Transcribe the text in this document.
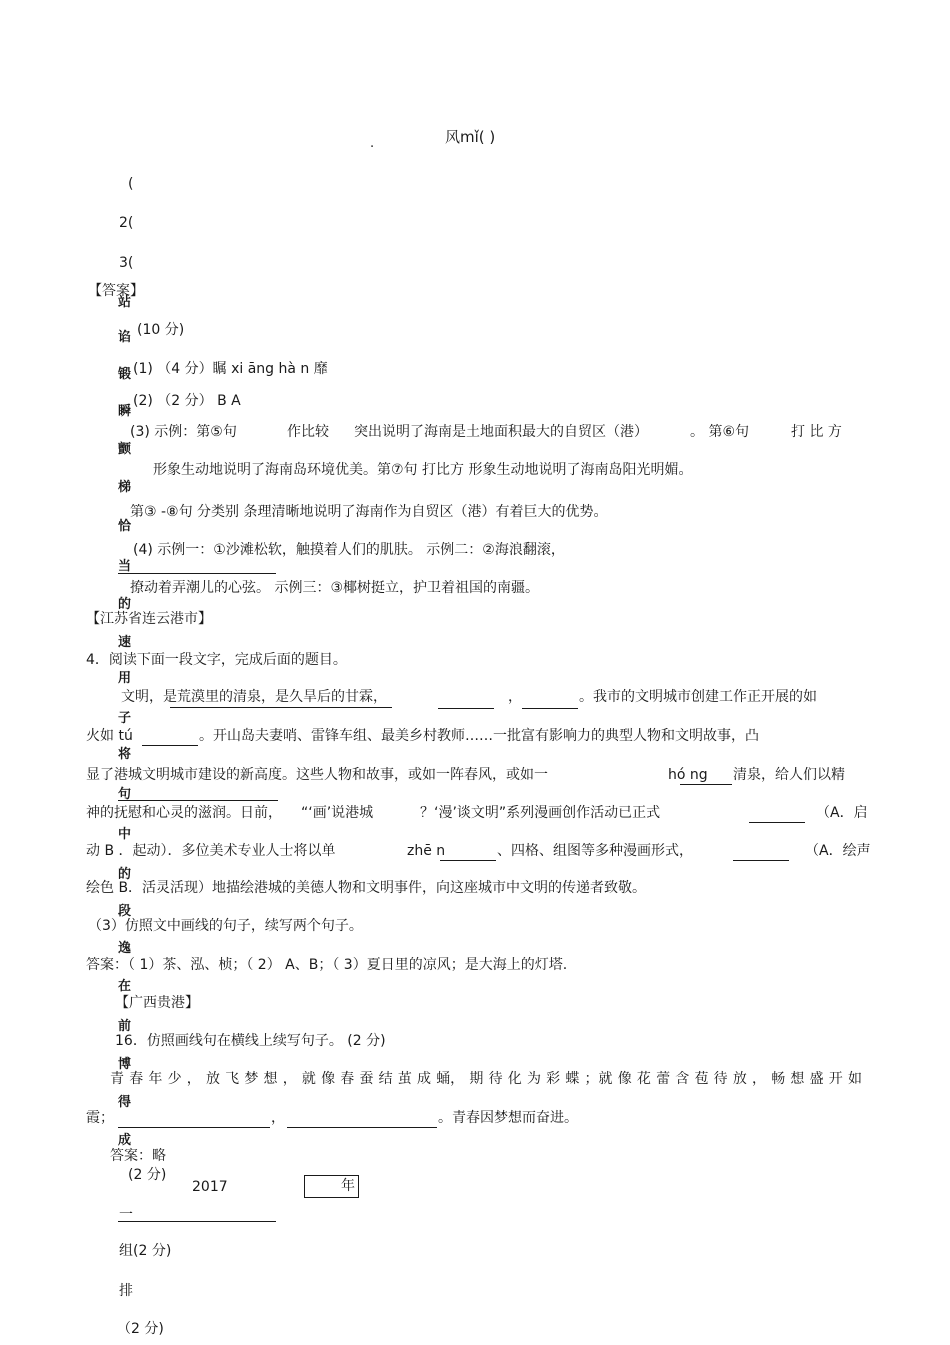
风mǐ( )
.
(
2(
3(
站
谄
锻
瞬
颤
梯
恰
当
的
速
用
子
将
句
中
的
段
逸
在
前
博
得
成
【答案】
(10 分)
(1) （4 分）瞩 xi āng hà n 靡
(2) （2 分） B A
(3) 示例：第⑤句	作比较 突出说明了海南是土地面积最大的自贸区（港）	。 第⑥句	打 比 方
形象生动地说明了海南岛环境优美。第⑦句 打比方 形象生动地说明了海南岛阳光明媚。
第③ -⑧句 分类别 条理清晰地说明了海南作为自贸区（港）有着巨大的优势。
(4) 示例一：①沙滩松软，触摸着人们的肌肤。 示例二：②海浪翻滚，
撩动着弄潮儿的心弦。 示例三：③椰树挺立，护卫着祖国的南疆。
【江苏省连云港市】
4．阅读下面一段文字，完成后面的题目。
文明，是荒漠里的清泉，是久旱后的甘霖，	，	。我市的文明城市创建工作正开展的如
火如 tú	。开山岛夫妻哨、雷锋车组、最美乡村教师……一批富有影响力的典型人物和文明故事，凸
显了港城文明城市建设的新高度。这些人物和故事，或如一阵春风，或如一	hó ng 清泉，给人们以精
神的抚慰和心灵的滋润。日前， “‘画’说港城	？‘漫’谈文明”系列漫画创作活动已正式	（A．启
动 B ．起动）．多位美术专业人士将以单	zhē n	、四格、组图等多种漫画形式，	（A．绘声
绘色 B．活灵活现）地描绘港城的美德人物和文明事件，向这座城市中文明的传递者致敬。
（3）仿照文中画线的句子，续写两个句子。
答案：（ 1）茶、泓、桢；（ 2） A、B；（ 3）夏日里的凉风；是大海上的灯塔.
【广西贵港】
16．仿照画线句在横线上续写句子。 (2 分)
青 春 年 少 ， 放 飞 梦 想 ， 就 像 春 蚕 结 茧 成 蛹， 期 待 化 为 彩 蝶 ；就 像 花 蕾 含 苞 待 放 ， 畅 想 盛 开 如
霞；	，	。青春因梦想而奋进。
答案：略
(2 分)
2017	年
一
组 (2 分)
排
（2 分)
